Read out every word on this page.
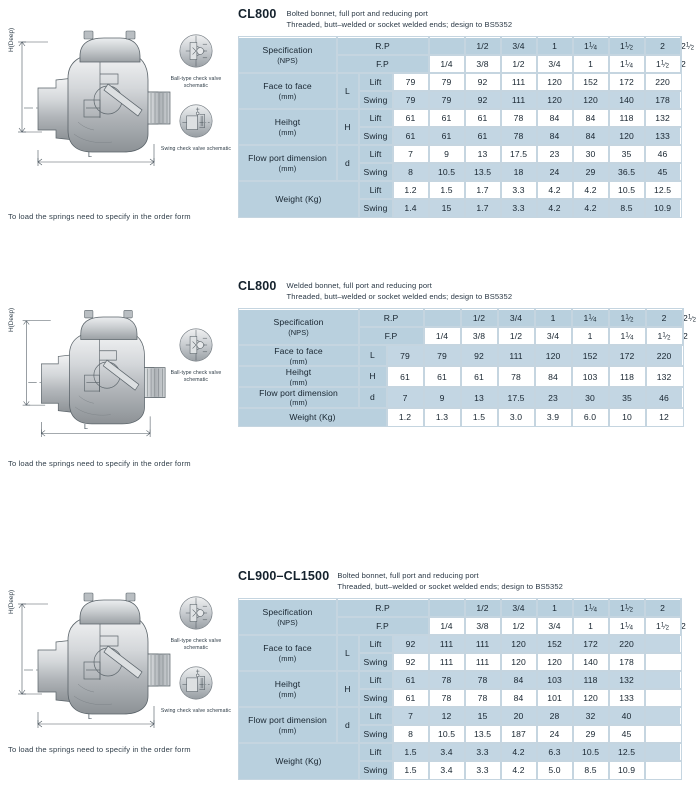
H(Deep)
L
Ball-type check valve schematic
Swing check valve schematic
To load the springs need to specify in the order form
CL800 Bolted bonnet, full port and reducing port
Threaded, butt–welded or socket welded ends; design to BS5352
Specification
(NPS)	R.P				1/2	3/4	1	$1^1⁄_4$	$1^1⁄_2$	2	$2^1⁄_2$
	F.P			1/4	3/8	1/2	3/4	1	$1^1⁄_4$	$1^1⁄_2$	2
Face to face
(mm)	L	Lift	79	79	92	111	120	152	172	220	
		Swing	79	79	92	111	120	120	140	178	
Heihgt
(mm)	H	Lift	61	61	61	78	84	84	118	132	
		Swing	61	61	61	78	84	84	120	133	
Flow port dimension
(mm)	d	Lift	7	9	13	17.5	23	30	35	46	
		Swing	8	10.5	13.5	18	24	29	36.5	45	
Weight (Kg)		Lift	1.2	1.5	1.7	3.3	4.2	4.2	10.5	12.5	
		Swing	1.4	15	1.7	3.3	4.2	4.2	8.5	10.9	
H(Deep)
L
Ball-type check valve schematic
To load the springs need to specify in the order form
CL800 Welded bonnet, full port and reducing port
Threaded, butt–welded or socket welded ends; design to BS5352
Specification
(NPS)	R.P			1/2	3/4	1	$1^1⁄_4$	$1^1⁄_2$	2	$2^1⁄_2$
	F.P		1/4	3/8	1/2	3/4	1	$1^1⁄_4$	$1^1⁄_2$	2
Face to face
(mm)	L	79	79	92	111	120	152	172	220	
Heihgt
(mm)	H	61	61	61	78	84	103	118	132	
Flow port dimension
(mm)	d	7	9	13	17.5	23	30	35	46	
Weight (Kg)		1.2	1.3	1.5	3.0	3.9	6.0	10	12	
H(Deep)
L
Ball-type check valve schematic
Swing check valve schematic
To load the springs need to specify in the order form
CL900–CL1500 Bolted bonnet, full port and reducing port
Threaded, butt–welded or socket welded ends; design to BS5352
Specification
(NPS)	R.P				1/2	3/4	1	$1^1⁄_4$	$1^1⁄_2$	2	
	F.P			1/4	3/8	1/2	3/4	1	$1^1⁄_4$	$1^1⁄_2$	2
Face to face
(mm)	L	Lift	92	111	111	120	152	172	220		
		Swing	92	111	111	120	120	140	178		
Heihgt
(mm)	H	Lift	61	78	78	84	103	118	132		
		Swing	61	78	78	84	101	120	133		
Flow port dimension
(mm)	d	Lift	7	12	15	20	28	32	40		
		Swing	8	10.5	13.5	187	24	29	45		
Weight (Kg)		Lift	1.5	3.4	3.3	4.2	6.3	10.5	12.5		
		Swing	1.5	3.4	3.3	4.2	5.0	8.5	10.9		
